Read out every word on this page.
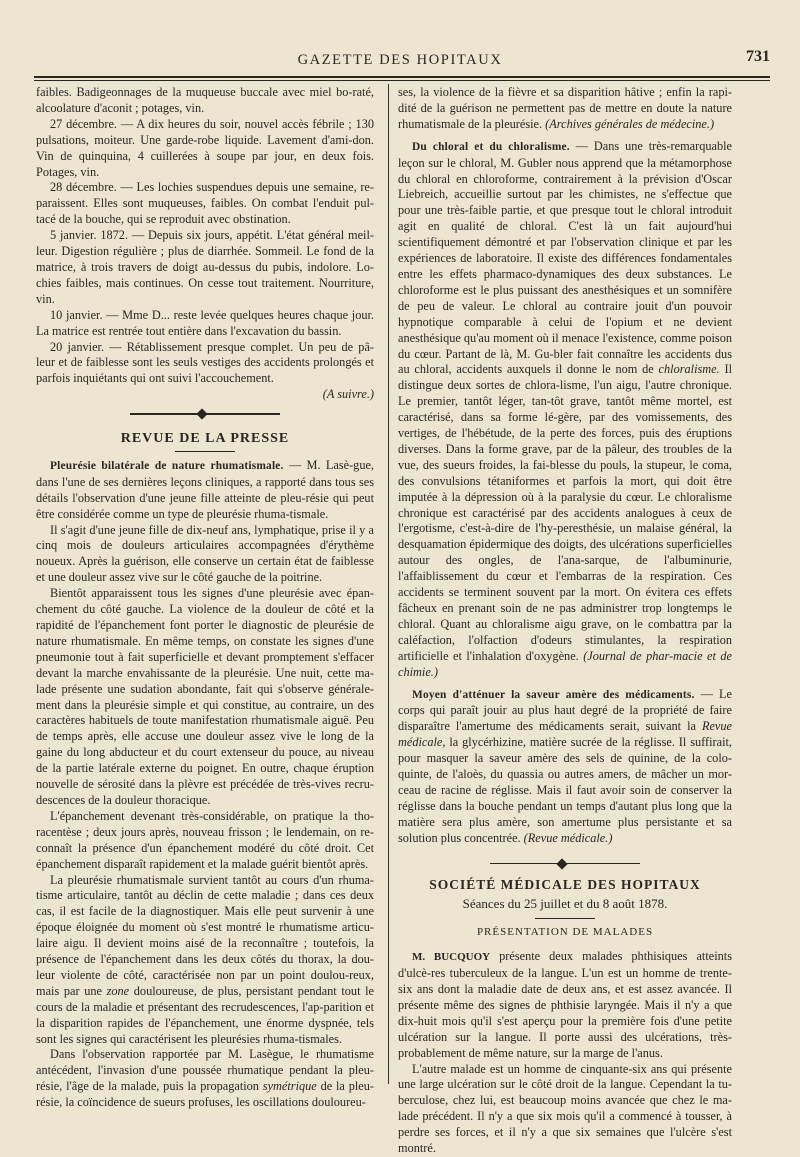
GAZETTE DES HOPITAUX	731

faibles. Badigeonnages de la muqueuse buccale avec miel bo-raté, alcoolature d'aconit ; potages, vin.

27 décembre. — A dix heures du soir, nouvel accès fébrile ; 130 pulsations, moiteur. Une garde-robe liquide. Lavement d'ami-don. Vin de quinquina, 4 cuillerées à soupe par jour, en deux fois. Potages, vin.

28 décembre. — Les lochies suspendues depuis une semaine, re-paraissent. Elles sont muqueuses, faibles. On combat l'enduit pul-tacé de la bouche, qui se reproduit avec obstination.

5 janvier. 1872. — Depuis six jours, appétit. L'état général meil-leur. Digestion régulière ; plus de diarrhée. Sommeil. Le fond de la matrice, à trois travers de doigt au-dessus du pubis, indolore. Lo-chies faibles, mais continues. On cesse tout traitement. Nourriture, vin.

10 janvier. — Mme D... reste levée quelques heures chaque jour. La matrice est rentrée tout entière dans l'excavation du bassin.

20 janvier. — Rétablissement presque complet. Un peu de pâ-leur et de faiblesse sont les seuls vestiges des accidents prolongés et parfois inquiétants qui ont suivi l'accouchement.

(A suivre.)

REVUE DE LA PRESSE

Pleurésie bilatérale de nature rhumatismale. — M. Lasè-gue, dans l'une de ses dernières leçons cliniques, a rapporté dans tous ses détails l'observation d'une jeune fille atteinte de pleu-résie qui peut être considérée comme un type de pleurésie rhuma-tismale.

Il s'agit d'une jeune fille de dix-neuf ans, lymphatique, prise il y a cinq mois de douleurs articulaires accompagnées d'érythème noueux. Après la guérison, elle conserve un certain état de faiblesse et une douleur assez vive sur le côté gauche de la poitrine.

Bientôt apparaissent tous les signes d'une pleurésie avec épan-chement du côté gauche. La violence de la douleur de côté et la rapidité de l'épanchement font porter le diagnostic de pleurésie de nature rhumatismale. En même temps, on constate les signes d'une pneumonie tout à fait superficielle et devant promptement s'effacer devant la marche envahissante de la pleurésie. Une nuit, cette ma-lade présente une sudation abondante, fait qui s'observe générale-ment dans la pleurésie simple et qui constitue, au contraire, un des caractères habituels de toute manifestation rhumatismale aiguë. Peu de temps après, elle accuse une douleur assez vive le long de la gaine du long abducteur et du court extenseur du pouce, au niveau de la partie latérale externe du poignet. En outre, chaque éruption nouvelle de sérosité dans la plèvre est précédée de très-vives recru-descences de la douleur thoracique.

L'épanchement devenant très-considérable, on pratique la tho-racentèse ; deux jours après, nouveau frisson ; le lendemain, on re-connaît la présence d'un épanchement modéré du côté droit. Cet épanchement disparaît rapidement et la malade guérit bientôt après.

La pleurésie rhumatismale survient tantôt au cours d'un rhuma-tisme articulaire, tantôt au déclin de cette maladie ; dans ces deux cas, il est facile de la diagnostiquer. Mais elle peut survenir à une époque éloignée du moment où s'est montré le rhumatisme articu-laire aigu. Il devient moins aisé de la reconnaître ; toutefois, la présence de l'épanchement dans les deux côtés du thorax, la dou-leur violente de côté, caractérisée non par un point doulou-reux, mais par une zone douloureuse, de plus, persistant pendant tout le cours de la maladie et présentant des recrudescences, l'ap-parition et la disparition rapides de l'épanchement, une énorme dyspnée, tels sont les signes qui caractérisent les pleurésies rhuma-tismales.

Dans l'observation rapportée par M. Lasègue, le rhumatisme antécédent, l'invasion d'une poussée rhumatique pendant la pleu-résie, l'âge de la malade, puis la propagation symétrique de la pleu-résie, la coïncidence de sueurs profuses, les oscillations douloureu-

ses, la violence de la fièvre et sa disparition hâtive ; enfin la rapi-dité de la guérison ne permettent pas de mettre en doute la nature rhumatismale de la pleurésie. (Archives générales de médecine.)

Du chloral et du chloralisme. — Dans une très-remarquable leçon sur le chloral, M. Gubler nous apprend que la métamorphose du chloral en chloroforme, contrairement à la prévision d'Oscar Liebreich, accueillie surtout par les chimistes, ne s'effectue que pour une très-faible partie, et que presque tout le chloral introduit agit en qualité de chloral. C'est là un fait aujourd'hui scientifiquement démontré et par l'observation clinique et par les expériences de laboratoire. Il existe des différences fondamentales entre les effets pharmaco-dynamiques des deux substances. Le chloroforme est le plus puissant des anesthésiques et un somnifère de peu de valeur. Le chloral au contraire jouit d'un pouvoir hypnotique comparable à celui de l'opium et ne devient anesthésique qu'au moment où il menace l'existence, comme poison du cœur. Partant de là, M. Gu-bler fait connaître les accidents dus au chloral, accidents auxquels il donne le nom de chloralisme. Il distingue deux sortes de chlora-lisme, l'un aigu, l'autre chronique. Le premier, tantôt léger, tan-tôt grave, tantôt même mortel, est caractérisé, dans sa forme lé-gère, par des vomissements, des vertiges, de l'hébétude, de la perte des forces, puis des éruptions diverses. Dans la forme grave, par de la pâleur, des troubles de la vue, des sueurs froides, la fai-blesse du pouls, la stupeur, le coma, des convulsions tétaniformes et parfois la mort, qui doit être imputée à la dépression où à la paralysie du cœur. Le chloralisme chronique est caractérisé par des accidents analogues à ceux de l'ergotisme, c'est-à-dire de l'hy-peresthésie, un malaise général, la desquamation épidermique des doigts, des ulcérations superficielles autour des ongles, de l'ana-sarque, de l'albuminurie, l'affaiblissement du cœur et l'embarras de la respiration. Ces accidents se terminent souvent par la mort. On évitera ces effets fâcheux en prenant soin de ne pas administrer trop longtemps le chloral. Quant au chloralisme aigu grave, on le combattra par la caléfaction, l'olfaction d'odeurs stimulantes, la respiration artificielle et l'inhalation d'oxygène. (Journal de phar-macie et de chimie.)

Moyen d'atténuer la saveur amère des médicaments. — Le corps qui paraît jouir au plus haut degré de la propriété de faire disparaître l'amertume des médicaments serait, suivant la Revue médicale, la glycérhizine, matière sucrée de la réglisse. Il suffirait, pour masquer la saveur amère des sels de quinine, de la colo-quinte, de l'aloès, du quassia ou autres amers, de mâcher un mor-ceau de racine de réglisse. Mais il faut avoir soin de conserver la réglisse dans la bouche pendant un temps d'autant plus long que la matière sera plus amère, son amertume plus persistante et sa solution plus concentrée. (Revue médicale.)

SOCIÉTÉ MÉDICALE DES HOPITAUX
Séances du 25 juillet et du 8 août 1878.
PRÉSENTATION DE MALADES

M. BUCQUOY présente deux malades phthisiques atteints d'ulcè-res tuberculeux de la langue. L'un est un homme de trente-six ans dont la maladie date de deux ans, et est assez avancée. Il présente même des signes de phthisie laryngée. Mais il n'y a que dix-huit mois qu'il s'est aperçu pour la première fois d'une petite ulcération sur la langue. Il porte aussi des ulcérations, très-probablement de même nature, sur la marge de l'anus.

L'autre malade est un homme de cinquante-six ans qui présente une large ulcération sur le côté droit de la langue. Cependant la tu-berculose, chez lui, est beaucoup moins avancée que chez le ma-lade précédent. Il n'y a que six mois qu'il a commencé à tousser, à perdre ses forces, et il n'y a que six semaines que l'ulcère s'est montré.
